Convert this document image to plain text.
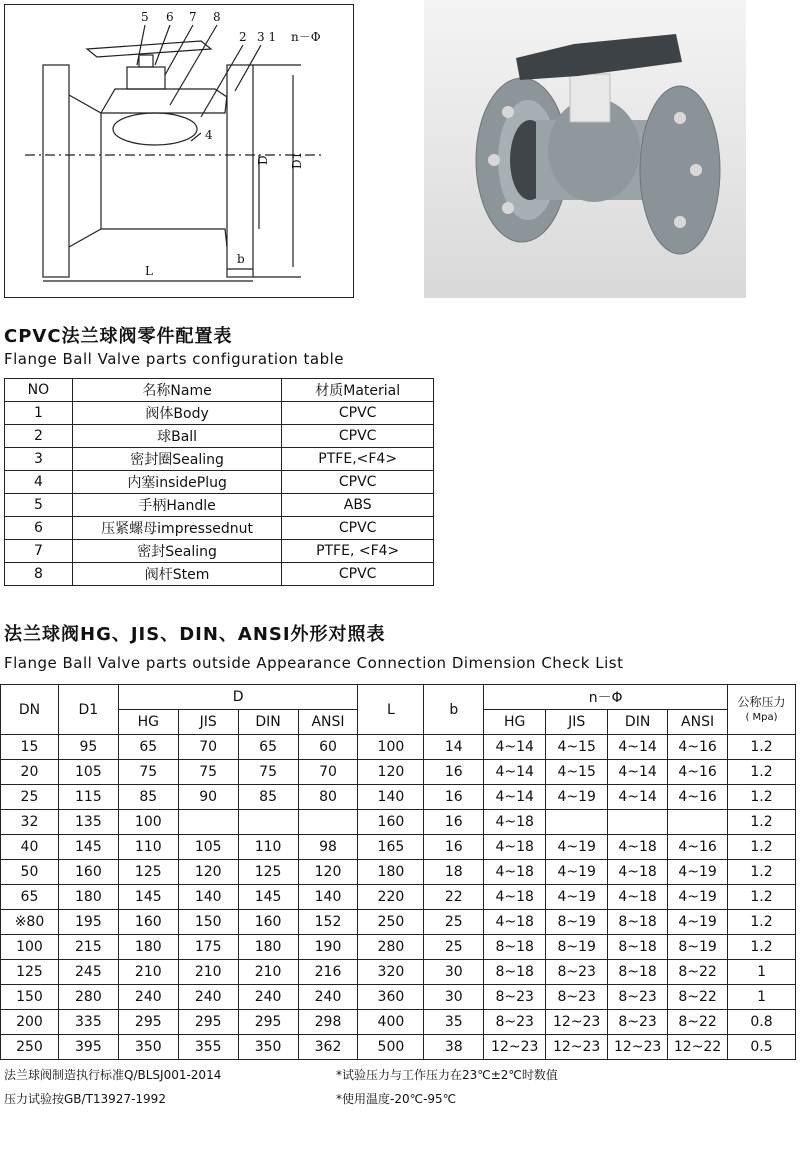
5 6 7 8
2 3 1 n－Φ
4
L
b
D D1
CPVC法兰球阀零件配置表
Flange Ball Valve parts configuration table
NO	名称Name	材质Material
1	阀体Body	CPVC
2	球Ball	CPVC
3	密封圈Sealing	PTFE,<F4>
4	内塞insidePlug	CPVC
5	手柄Handle	ABS
6	压紧螺母impressednut	CPVC
7	密封Sealing	PTFE, <F4>
8	阀杆Stem	CPVC
法兰球阀HG、JIS、DIN、ANSI外形对照表
Flange Ball Valve parts outside Appearance Connection Dimension Check List
DN	D1	D				L	b	n－Φ				公称压力
( Mpa)

		HG	JIS	DIN	ANSI			HG	JIS	DIN	ANSI	
15	95	65	70	65	60	100	14	4~14	4~15	4~14	4~16	1.2
20	105	75	75	75	70	120	16	4~14	4~15	4~14	4~16	1.2
25	115	85	90	85	80	140	16	4~14	4~19	4~14	4~16	1.2
32	135	100				160	16	4~18				1.2
40	145	110	105	110	98	165	16	4~18	4~19	4~18	4~16	1.2
50	160	125	120	125	120	180	18	4~18	4~19	4~18	4~19	1.2
65	180	145	140	145	140	220	22	4~18	4~19	4~18	4~19	1.2
※80	195	160	150	160	152	250	25	4~18	8~19	8~18	4~19	1.2
100	215	180	175	180	190	280	25	8~18	8~19	8~18	8~19	1.2
125	245	210	210	210	216	320	30	8~18	8~23	8~18	8~22	1
150	280	240	240	240	240	360	30	8~23	8~23	8~23	8~22	1
200	335	295	295	295	298	400	35	8~23	12~23	8~23	8~22	0.8
250	395	350	355	350	362	500	38	12~23	12~23	12~23	12~22	0.5
法兰球阀制造执行标准Q/BLSJ001-2014
压力试验按GB/T13927-1992
*试验压力与工作压力在23℃±2℃时数值
*使用温度-20℃-95℃
